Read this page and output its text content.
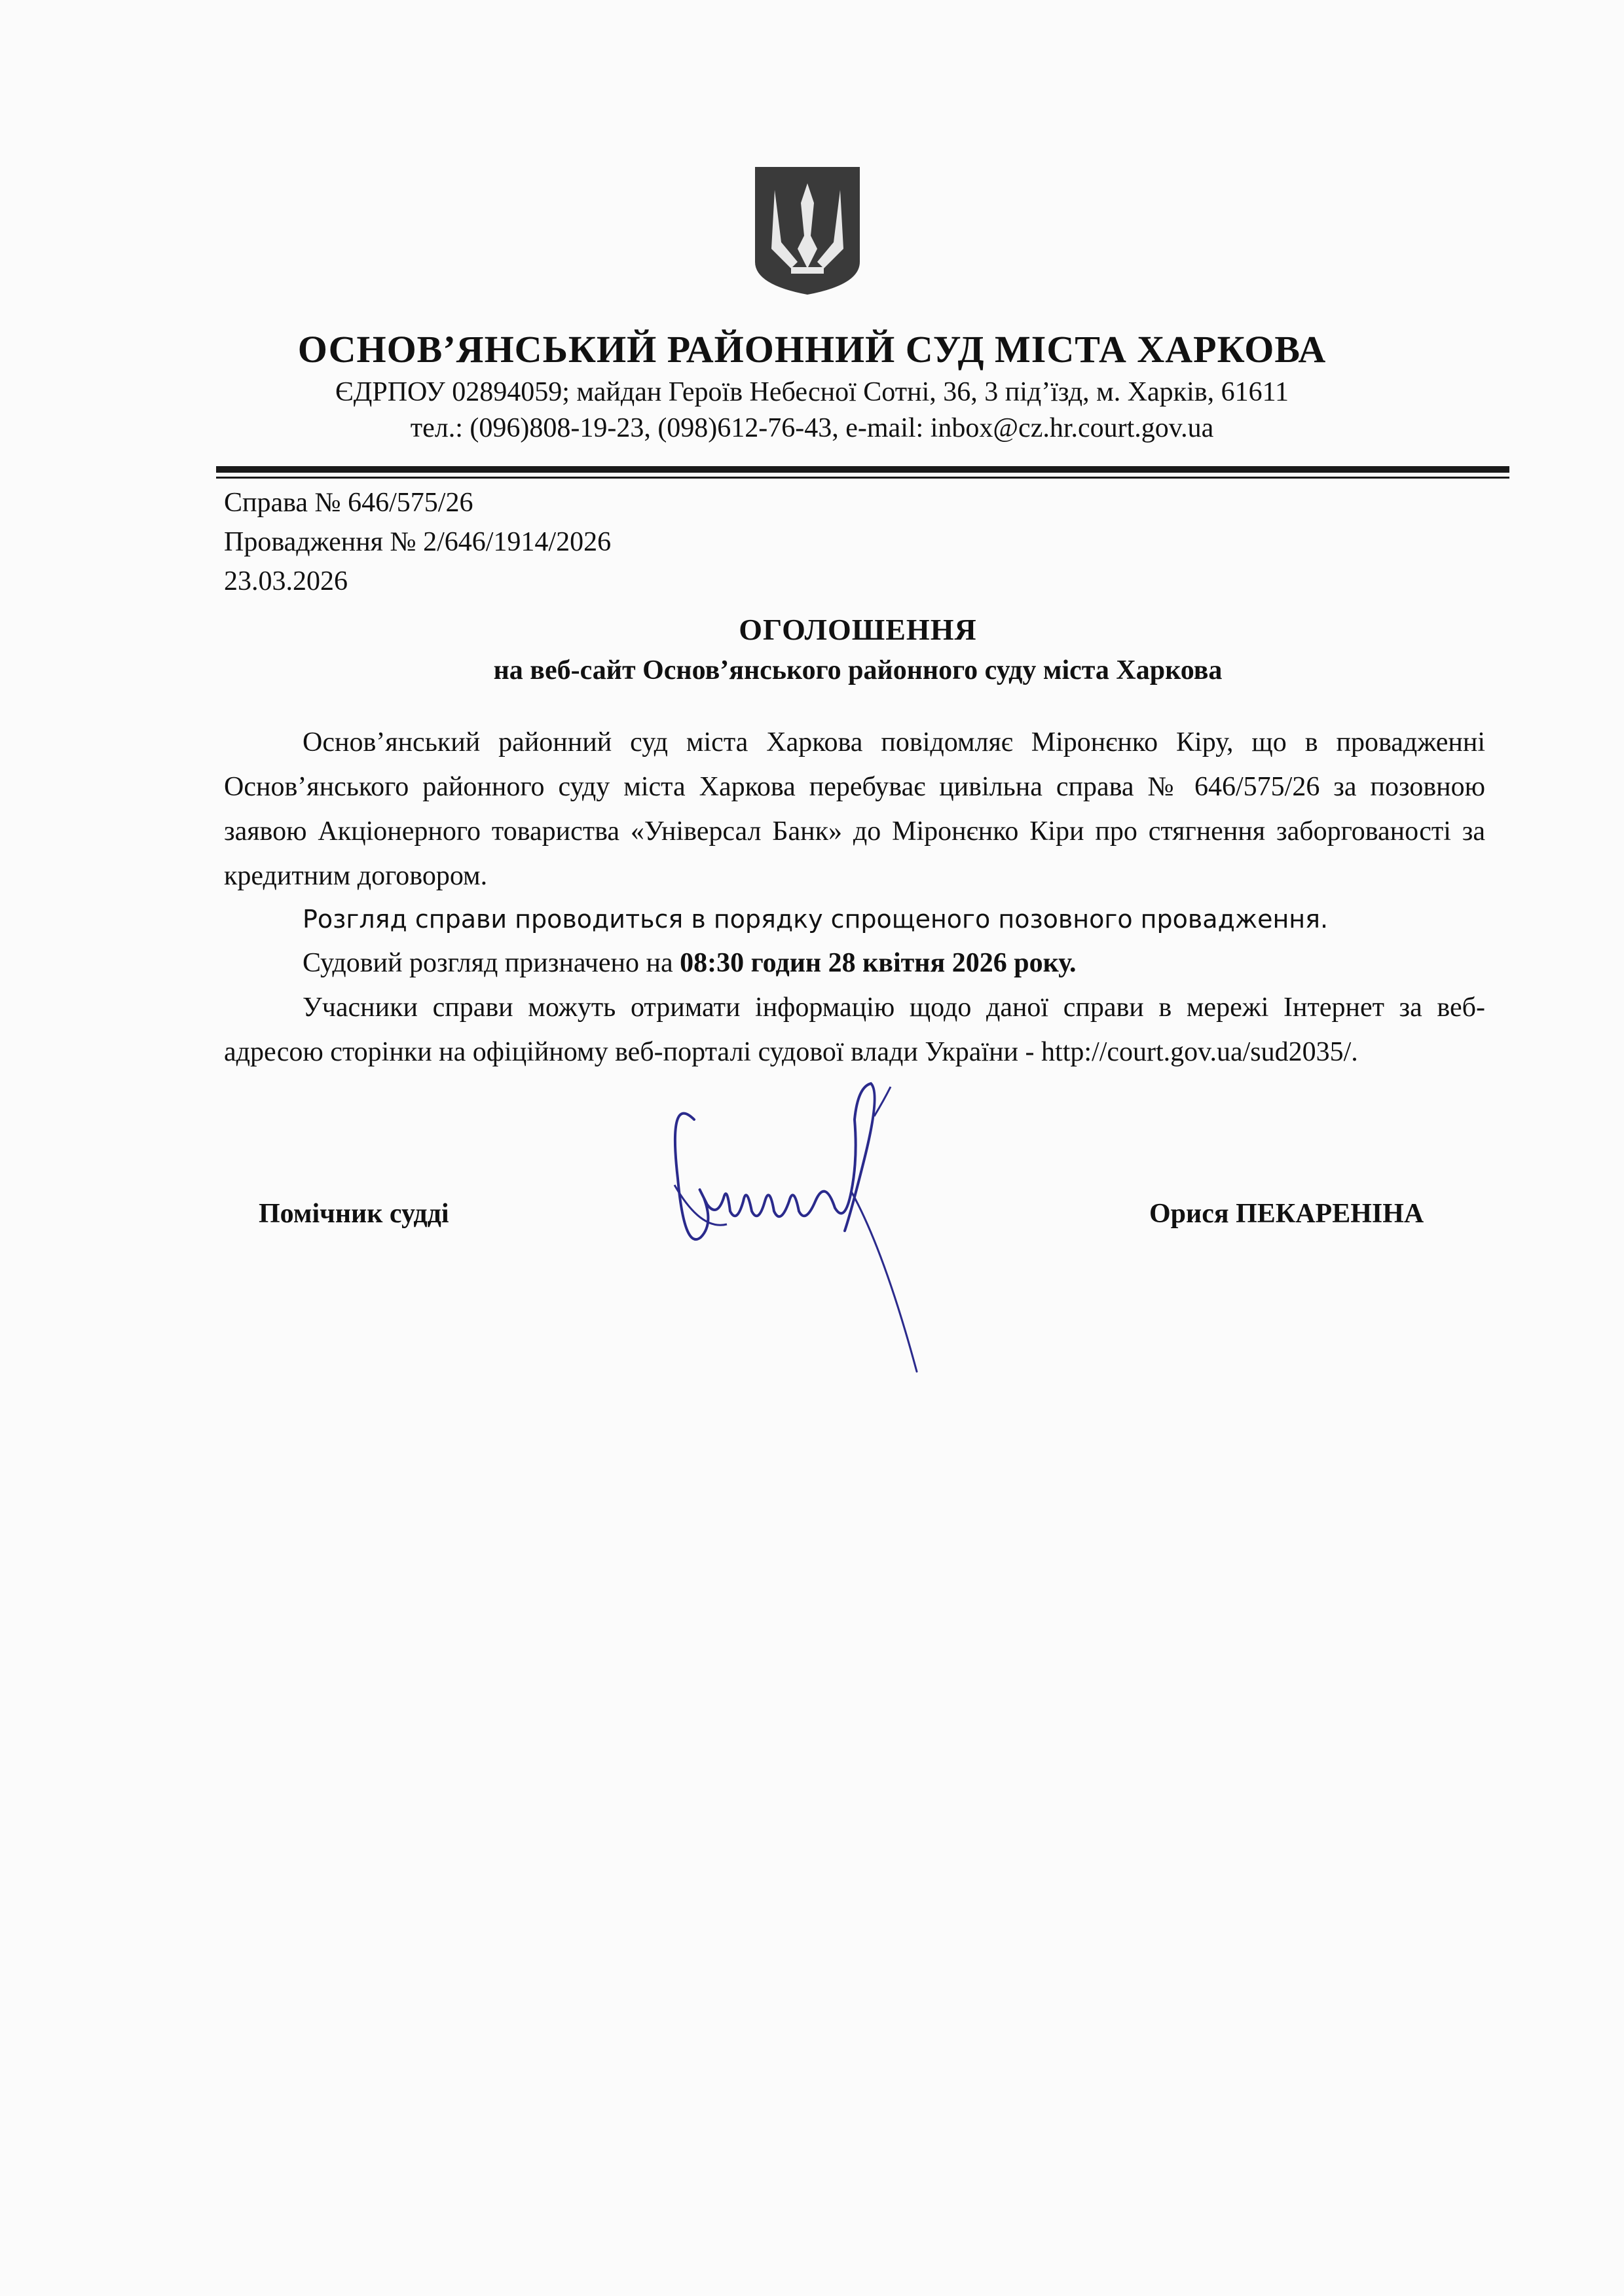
ОСНОВ’ЯНСЬКИЙ РАЙОННИЙ СУД МІСТА ХАРКОВА
ЄДРПОУ 02894059; майдан Героїв Небесної Сотні, 36, 3 під’їзд, м. Харків, 61611
тел.: (096)808-19-23, (098)612-76-43, e-mail: inbox@cz.hr.court.gov.ua
Справа № 646/575/26
Провадження № 2/646/1914/2026
23.03.2026
ОГОЛОШЕННЯ
на веб-сайт Основ’янського районного суду міста Харкова
Основ’янський районний суд міста Харкова повідомляє Міронєнко Кіру, що в провадженні Основ’янського районного суду міста Харкова перебуває цивільна справа № 646/575/26 за позовною заявою Акціонерного товариства «Універсал Банк» до Міронєнко Кіри про стягнення заборгованості за кредитним договором.
Розгляд справи проводиться в порядку спрощеного позовного провадження.
Судовий розгляд призначено на 08:30 годин 28 квітня 2026 року.
Учасники справи можуть отримати інформацію щодо даної справи в мережі Інтернет за веб-адресою сторінки на офіційному веб-порталі судової влади України - http://court.gov.ua/sud2035/.
Помічник судді	Орися ПЕКАРЕНІНА
